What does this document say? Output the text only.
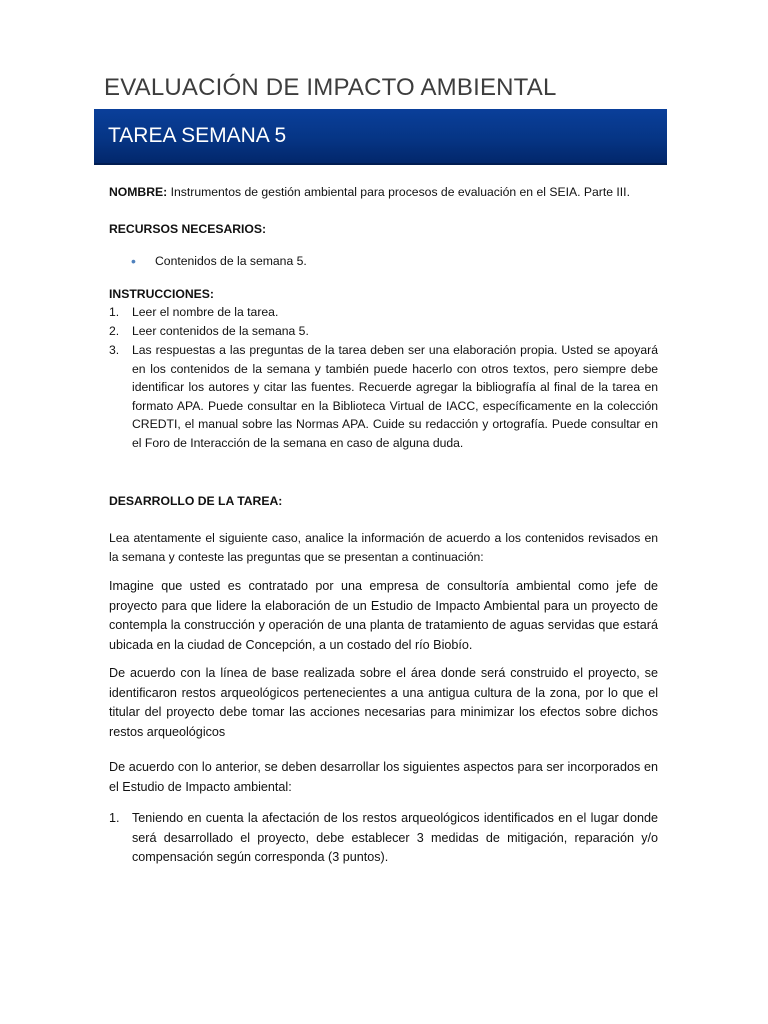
EVALUACIÓN DE IMPACTO AMBIENTAL
TAREA SEMANA 5

NOMBRE: Instrumentos de gestión ambiental para procesos de evaluación en el SEIA. Parte III.

RECURSOS NECESARIOS:

• Contenidos de la semana 5.

INSTRUCCIONES:

1. Leer el nombre de la tarea.
2. Leer contenidos de la semana 5.
3. Las respuestas a las preguntas de la tarea deben ser una elaboración propia. Usted se apoyará en los contenidos de la semana y también puede hacerlo con otros textos, pero siempre debe identificar los autores y citar las fuentes. Recuerde agregar la bibliografía al final de la tarea en formato APA. Puede consultar en la Biblioteca Virtual de IACC, específicamente en la colección CREDTI, el manual sobre las Normas APA. Cuide su redacción y ortografía. Puede consultar en el Foro de Interacción de la semana en caso de alguna duda.

DESARROLLO DE LA TAREA:

Lea atentamente el siguiente caso, analice la información de acuerdo a los contenidos revisados en la semana y conteste las preguntas que se presentan a continuación:

Imagine que usted es contratado por una empresa de consultoría ambiental como jefe de proyecto para que lidere la elaboración de un Estudio de Impacto Ambiental para un proyecto de contempla la construcción y operación de una planta de tratamiento de aguas servidas que estará ubicada en la ciudad de Concepción, a un costado del río Biobío.

De acuerdo con la línea de base realizada sobre el área donde será construido el proyecto, se identificaron restos arqueológicos pertenecientes a una antigua cultura de la zona, por lo que el titular del proyecto debe tomar las acciones necesarias para minimizar los efectos sobre dichos restos arqueológicos

De acuerdo con lo anterior, se deben desarrollar los siguientes aspectos para ser incorporados en el Estudio de Impacto ambiental:

1. Teniendo en cuenta la afectación de los restos arqueológicos identificados en el lugar donde será desarrollado el proyecto, debe establecer 3 medidas de mitigación, reparación y/o compensación según corresponda (3 puntos).
